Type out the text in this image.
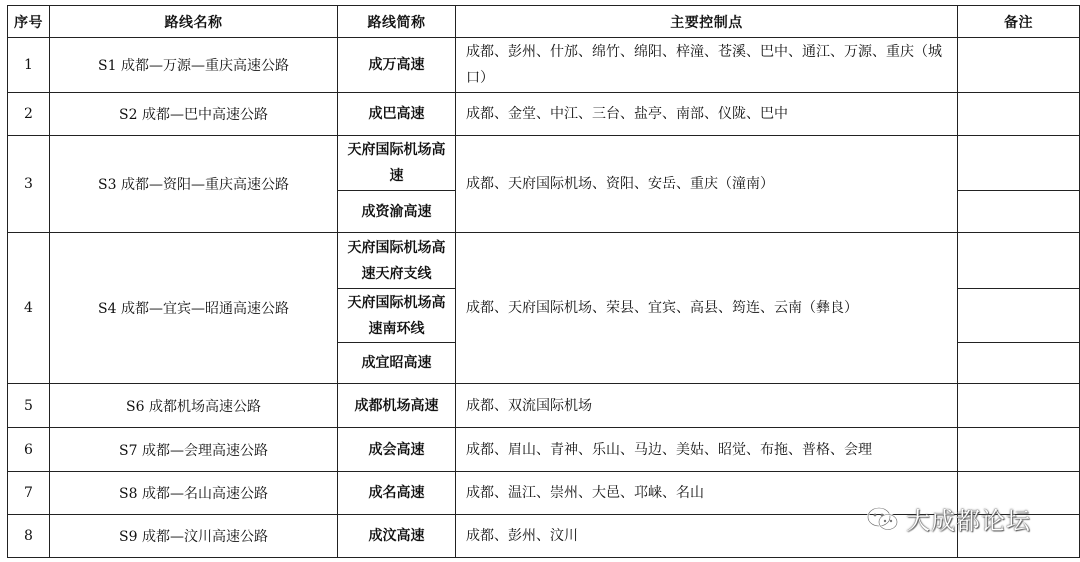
序号	路线名称	路线简称	主要控制点	备注
1	S1 成都—万源—重庆高速公路	成万高速	成都、彭州、什邡、绵竹、绵阳、梓潼、苍溪、巴中、通江、万源、重庆（城口）	
2	S2 成都—巴中高速公路	成巴高速	成都、金堂、中江、三台、盐亭、南部、仪陇、巴中	
3	S3 成都—资阳—重庆高速公路	天府国际机场高速	成都、天府国际机场、资阳、安岳、重庆（潼南）	
		成资渝高速		
4	S4 成都—宜宾—昭通高速公路	天府国际机场高速天府支线	成都、天府国际机场、荣县、宜宾、高县、筠连、云南（彝良）	
		天府国际机场高速南环线		
		成宜昭高速		
5	S6 成都机场高速公路	成都机场高速	成都、双流国际机场	
6	S7 成都—会理高速公路	成会高速	成都、眉山、青神、乐山、马边、美姑、昭觉、布拖、普格、会理	
7	S8 成都—名山高速公路	成名高速	成都、温江、崇州、大邑、邛崃、名山	
8	S9 成都—汶川高速公路	成汶高速	成都、彭州、汶川	
大成都论坛
